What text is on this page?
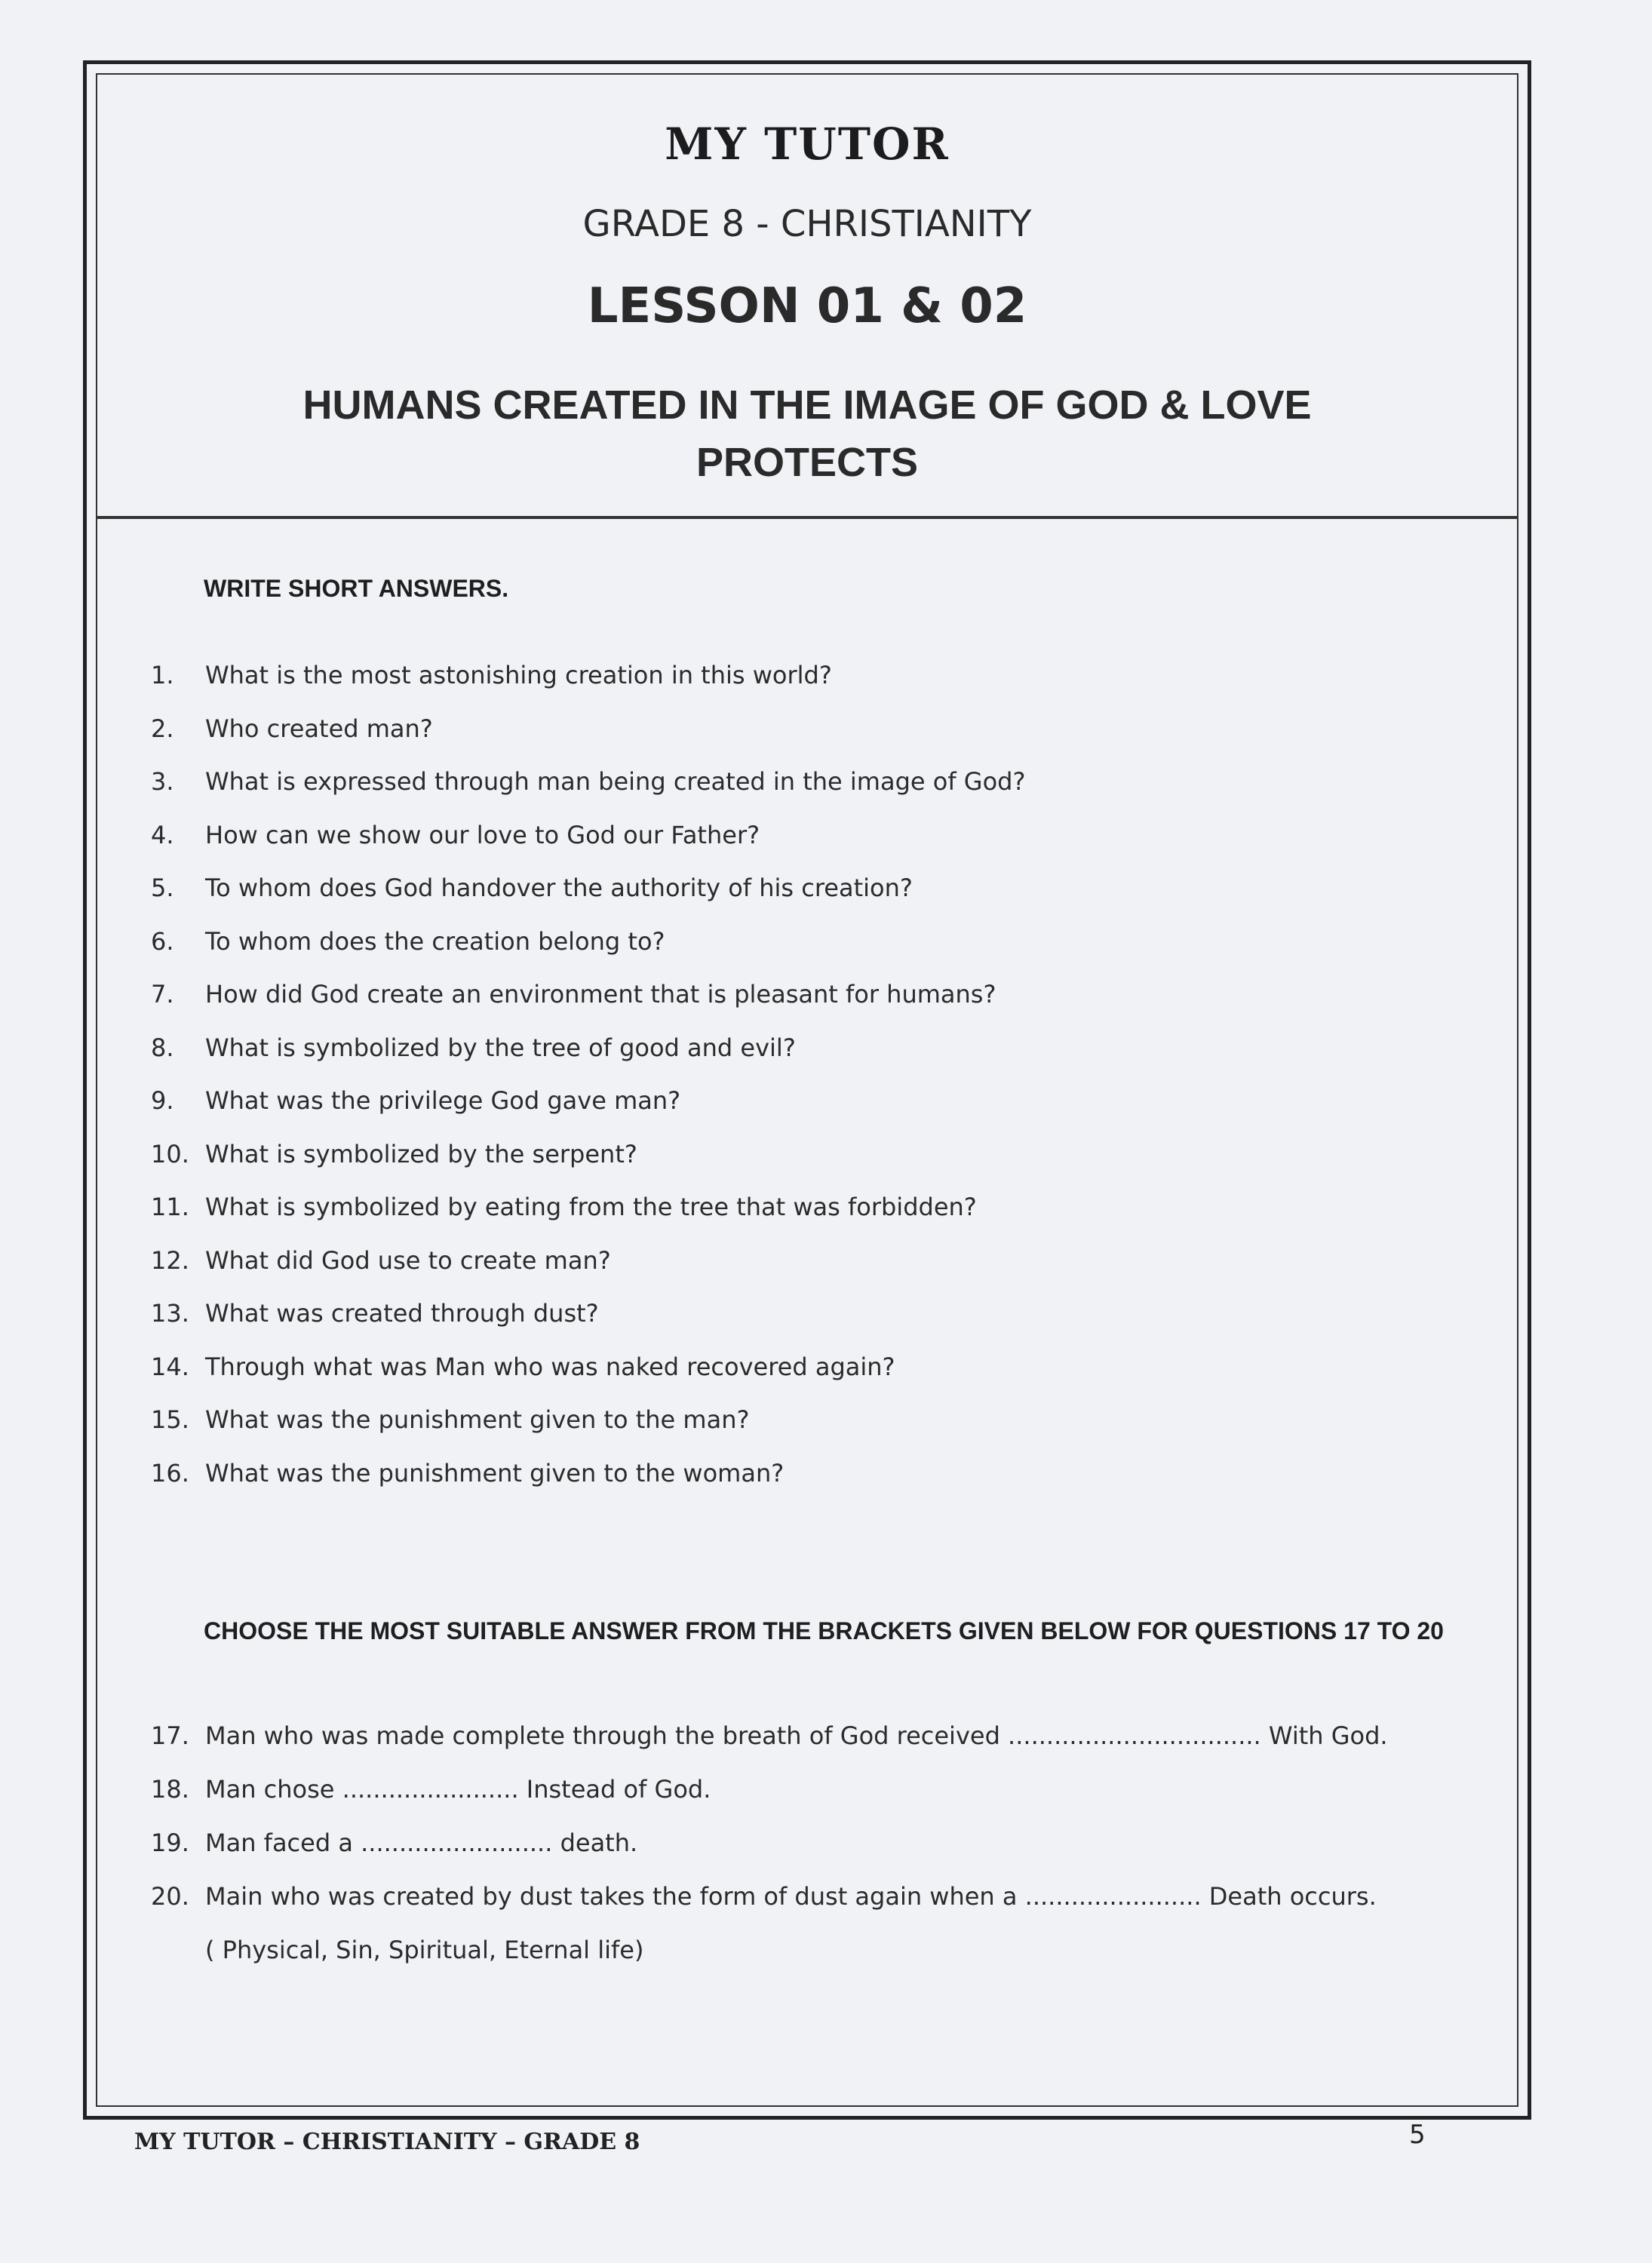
MY TUTOR
GRADE 8 - CHRISTIANITY
LESSON 01 & 02
HUMANS CREATED IN THE IMAGE OF GOD & LOVE PROTECTS
WRITE SHORT ANSWERS.
1. What is the most astonishing creation in this world?
2. Who created man?
3. What is expressed through man being created in the image of God?
4. How can we show our love to God our Father?
5. To whom does God handover the authority of his creation?
6. To whom does the creation belong to?
7. How did God create an environment that is pleasant for humans?
8. What is symbolized by the tree of good and evil?
9. What was the privilege God gave man?
10. What is symbolized by the serpent?
11. What is symbolized by eating from the tree that was forbidden?
12. What did God use to create man?
13. What was created through dust?
14. Through what was Man who was naked recovered again?
15. What was the punishment given to the man?
16. What was the punishment given to the woman?
CHOOSE THE MOST SUITABLE ANSWER FROM THE BRACKETS GIVEN BELOW FOR QUESTIONS 17 TO 20
17. Man who was made complete through the breath of God received ................................. With God.
18. Man chose ....................... Instead of God.
19. Man faced a ......................... death.
20. Main who was created by dust takes the form of dust again when a ....................... Death occurs.
( Physical, Sin, Spiritual, Eternal life)
MY TUTOR – CHRISTIANITY – GRADE 8	5
